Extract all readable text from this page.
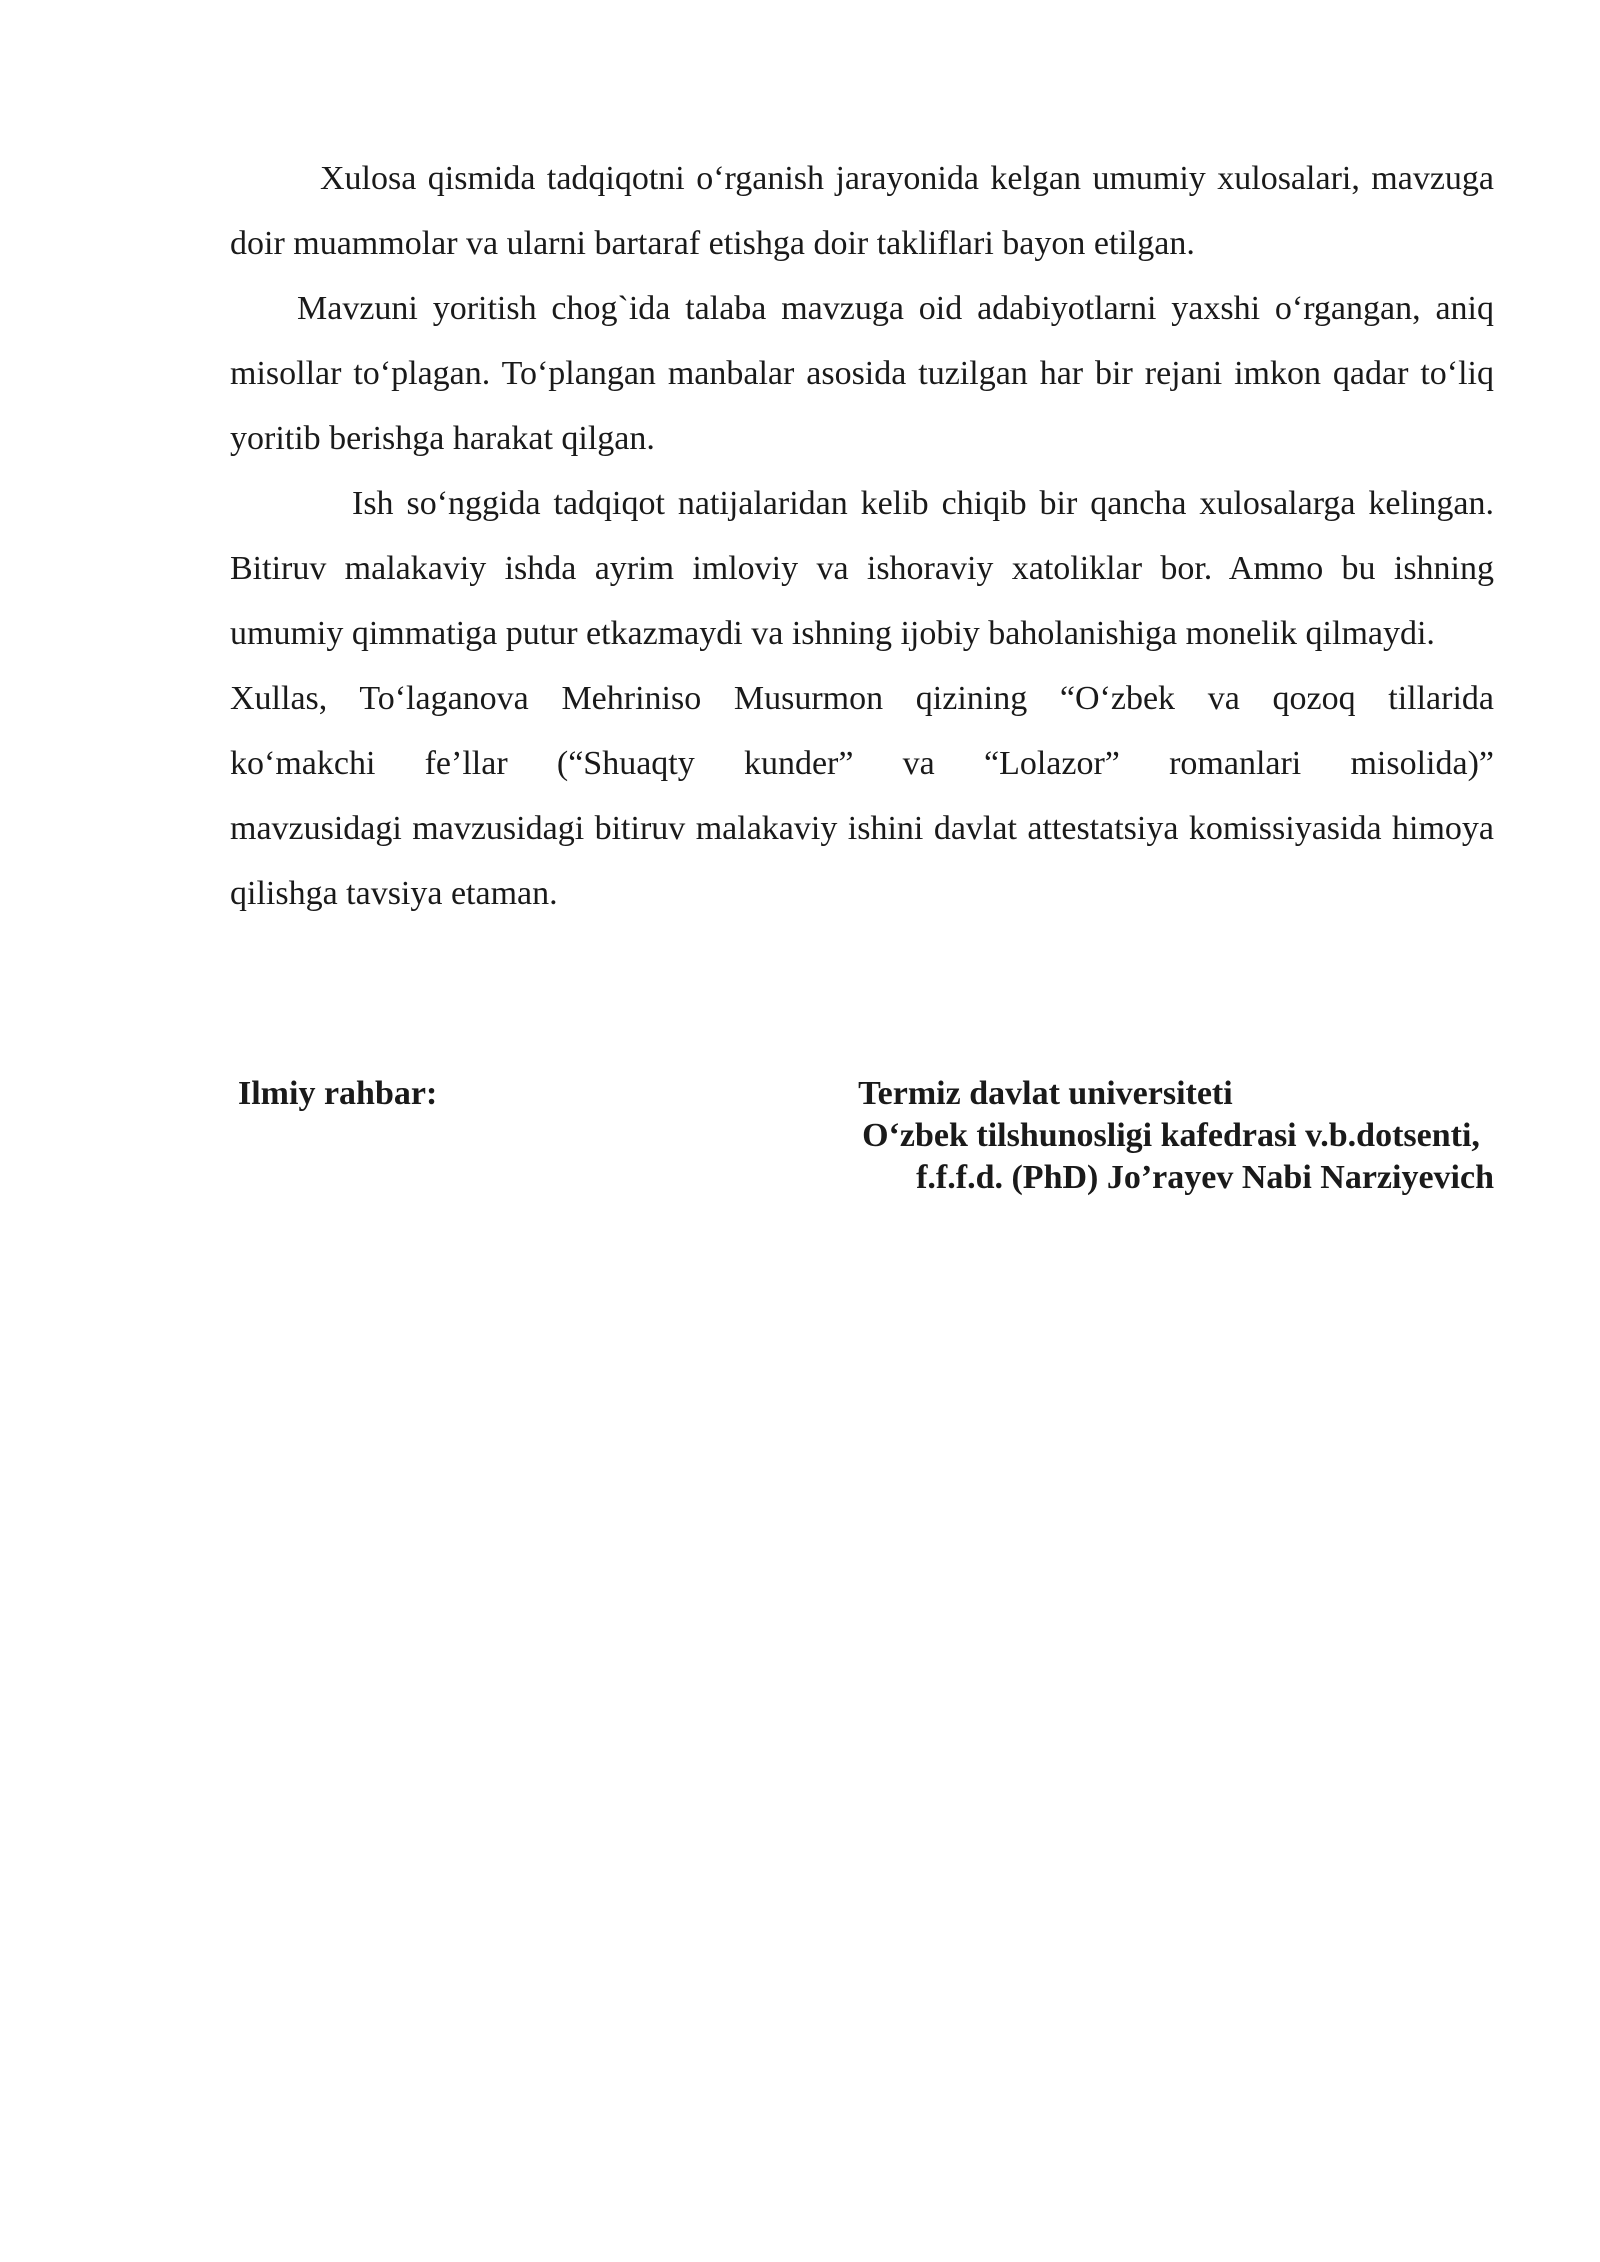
Xulosa qismida tadqiqotni o‘rganish jarayonida kelgan umumiy xulosalari, mavzuga doir muammolar va ularni bartaraf etishga doir takliflari bayon etilgan.

Mavzuni yoritish chog`ida talaba mavzuga oid adabiyotlarni yaxshi o‘rgangan, aniq misollar to‘plagan. To‘plangan manbalar asosida tuzilgan har bir rejani imkon qadar to‘liq yoritib berishga harakat qilgan.

Ish so‘nggida tadqiqot natijalaridan kelib chiqib bir qancha xulosalarga kelingan. Bitiruv malakaviy ishda ayrim imloviy va ishoraviy xatoliklar bor. Ammo bu ishning umumiy qimmatiga putur etkazmaydi va ishning ijobiy baholanishiga monelik qilmaydi.

Xullas, To‘laganova Mehriniso Musurmon qizining “O‘zbek va qozoq tillarida
ko‘makchi fe’llar (“Shuaqty kunder” va “Lolazor” romanlari misolida)”
mavzusidagi mavzusidagi bitiruv malakaviy ishini davlat attestatsiya komissiyasida himoya qilishga tavsiya etaman.

Ilmiy rahbar:	Termiz davlat universiteti
O‘zbek tilshunosligi kafedrasi v.b.dotsenti,
f.f.f.d. (PhD) Jo’rayev Nabi Narziyevich
